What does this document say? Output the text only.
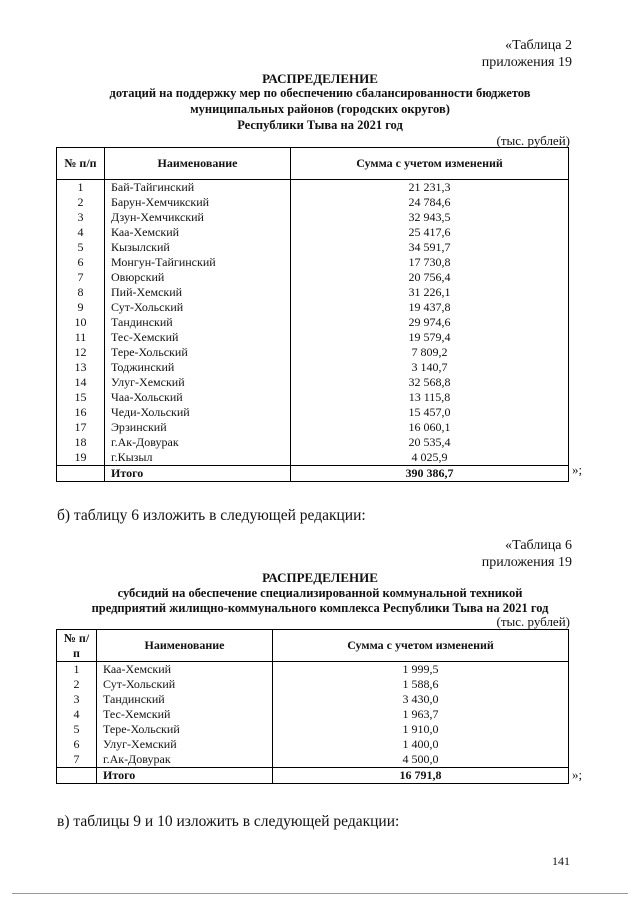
«Таблица 2
приложения 19
РАСПРЕДЕЛЕНИЕ
дотаций на поддержку мер по обеспечению сбалансированности бюджетов
муниципальных районов (городских округов)
Республики Тыва на 2021 год
(тыс. рублей)
№ п/п	Наименование	Сумма с учетом изменений
1	Бай-Тайгинский	21 231,3
2	Барун-Хемчикский	24 784,6
3	Дзун-Хемчикский	32 943,5
4	Каа-Хемский	25 417,6
5	Кызылский	34 591,7
6	Монгун-Тайгинский	17 730,8
7	Овюрский	20 756,4
8	Пий-Хемский	31 226,1
9	Сут-Хольский	19 437,8
10	Тандинский	29 974,6
11	Тес-Хемский	19 579,4
12	Тере-Хольский	7 809,2
13	Тоджинский	3 140,7
14	Улуг-Хемский	32 568,8
15	Чаа-Хольский	13 115,8
16	Чеди-Хольский	15 457,0
17	Эрзинский	16 060,1
18	г.Ак-Довурак	20 535,4
19	г.Кызыл	4 025,9
	Итого	390 386,7	»;
б) таблицу 6 изложить в следующей редакции:
«Таблица 6
приложения 19
РАСПРЕДЕЛЕНИЕ
субсидий на обеспечение специализированной коммунальной техникой
предприятий жилищно-коммунального комплекса Республики Тыва на 2021 год
(тыс. рублей)
№ п/п	Наименование	Сумма с учетом изменений
1	Каа-Хемский	1 999,5
2	Сут-Хольский	1 588,6
3	Тандинский	3 430,0
4	Тес-Хемский	1 963,7
5	Тере-Хольский	1 910,0
6	Улуг-Хемский	1 400,0
7	г.Ак-Довурак	4 500,0
	Итого	16 791,8	»;
в) таблицы 9 и 10 изложить в следующей редакции:
141
